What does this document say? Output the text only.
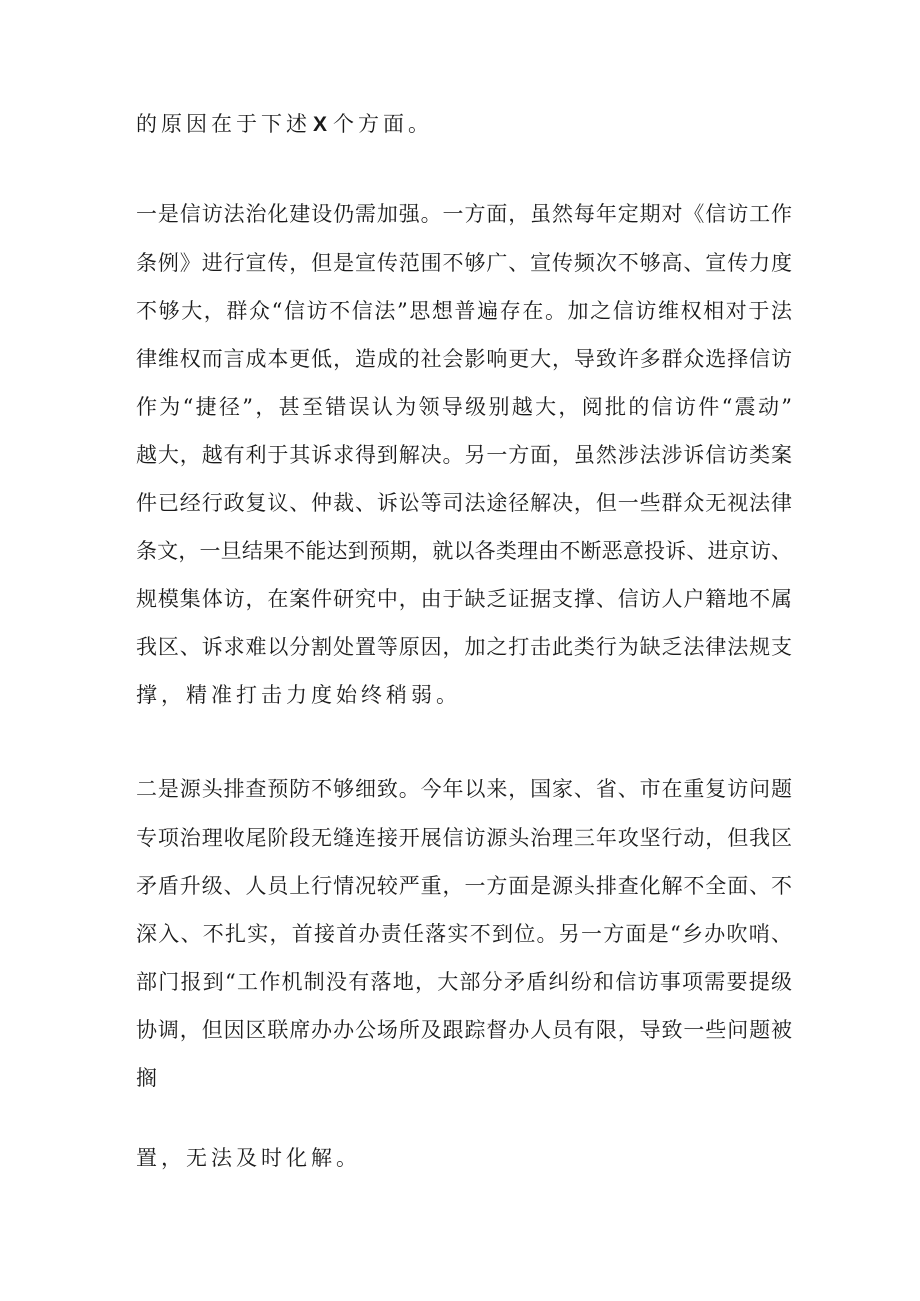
的原因在于下述X 个方面。
一是信访法治化建设仍需加强。一方面，虽然每年定期对《信访工作
条例》进行宣传，但是宣传范围不够广、宣传频次不够高、宣传力度
不够大，群众“信访不信法”思想普遍存在。加之信访维权相对于法
律维权而言成本更低，造成的社会影响更大，导致许多群众选择信访
作为“捷径”，甚至错误认为领导级别越大，阅批的信访件“震动”
越大，越有利于其诉求得到解决。另一方面，虽然涉法涉诉信访类案
件已经行政复议、仲裁、诉讼等司法途径解决，但一些群众无视法律
条文，一旦结果不能达到预期，就以各类理由不断恶意投诉、进京访、
规模集体访，在案件研究中，由于缺乏证据支撑、信访人户籍地不属
我区、诉求难以分割处置等原因，加之打击此类行为缺乏法律法规支
撑，精准打击力度始终稍弱。
二是源头排查预防不够细致。今年以来，国家、省、市在重复访问题
专项治理收尾阶段无缝连接开展信访源头治理三年攻坚行动，但我区
矛盾升级、人员上行情况较严重，一方面是源头排查化解不全面、不
深入、不扎实，首接首办责任落实不到位。另一方面是“乡办吹哨、
部门报到“工作机制没有落地，大部分矛盾纠纷和信访事项需要提级
协调，但因区联席办办公场所及跟踪督办人员有限，导致一些问题被
搁
置，无法及时化解。
